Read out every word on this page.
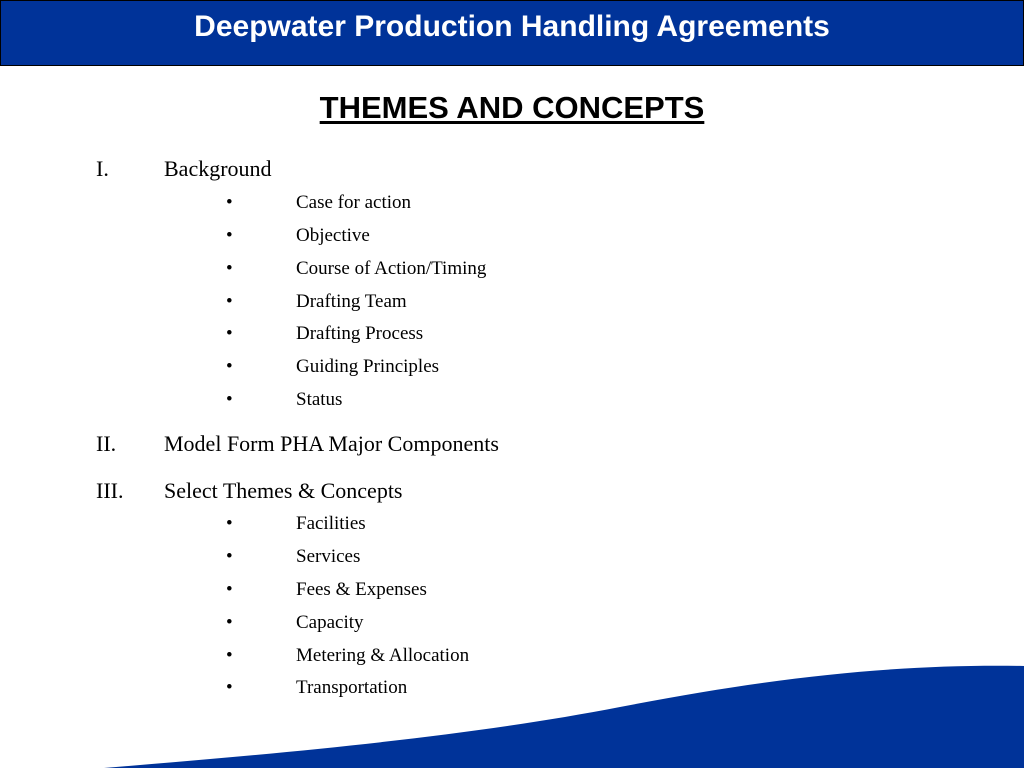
Deepwater Production Handling Agreements
THEMES AND CONCEPTS
I.	Background
•	Case for action
•	Objective
•	Course of Action/Timing
•	Drafting Team
•	Drafting Process
•	Guiding Principles
•	Status
II. Model Form PHA Major Components
III. Select Themes & Concepts
•	Facilities
•	Services
•	Fees & Expenses
•	Capacity
•	Metering & Allocation
•	Transportation
